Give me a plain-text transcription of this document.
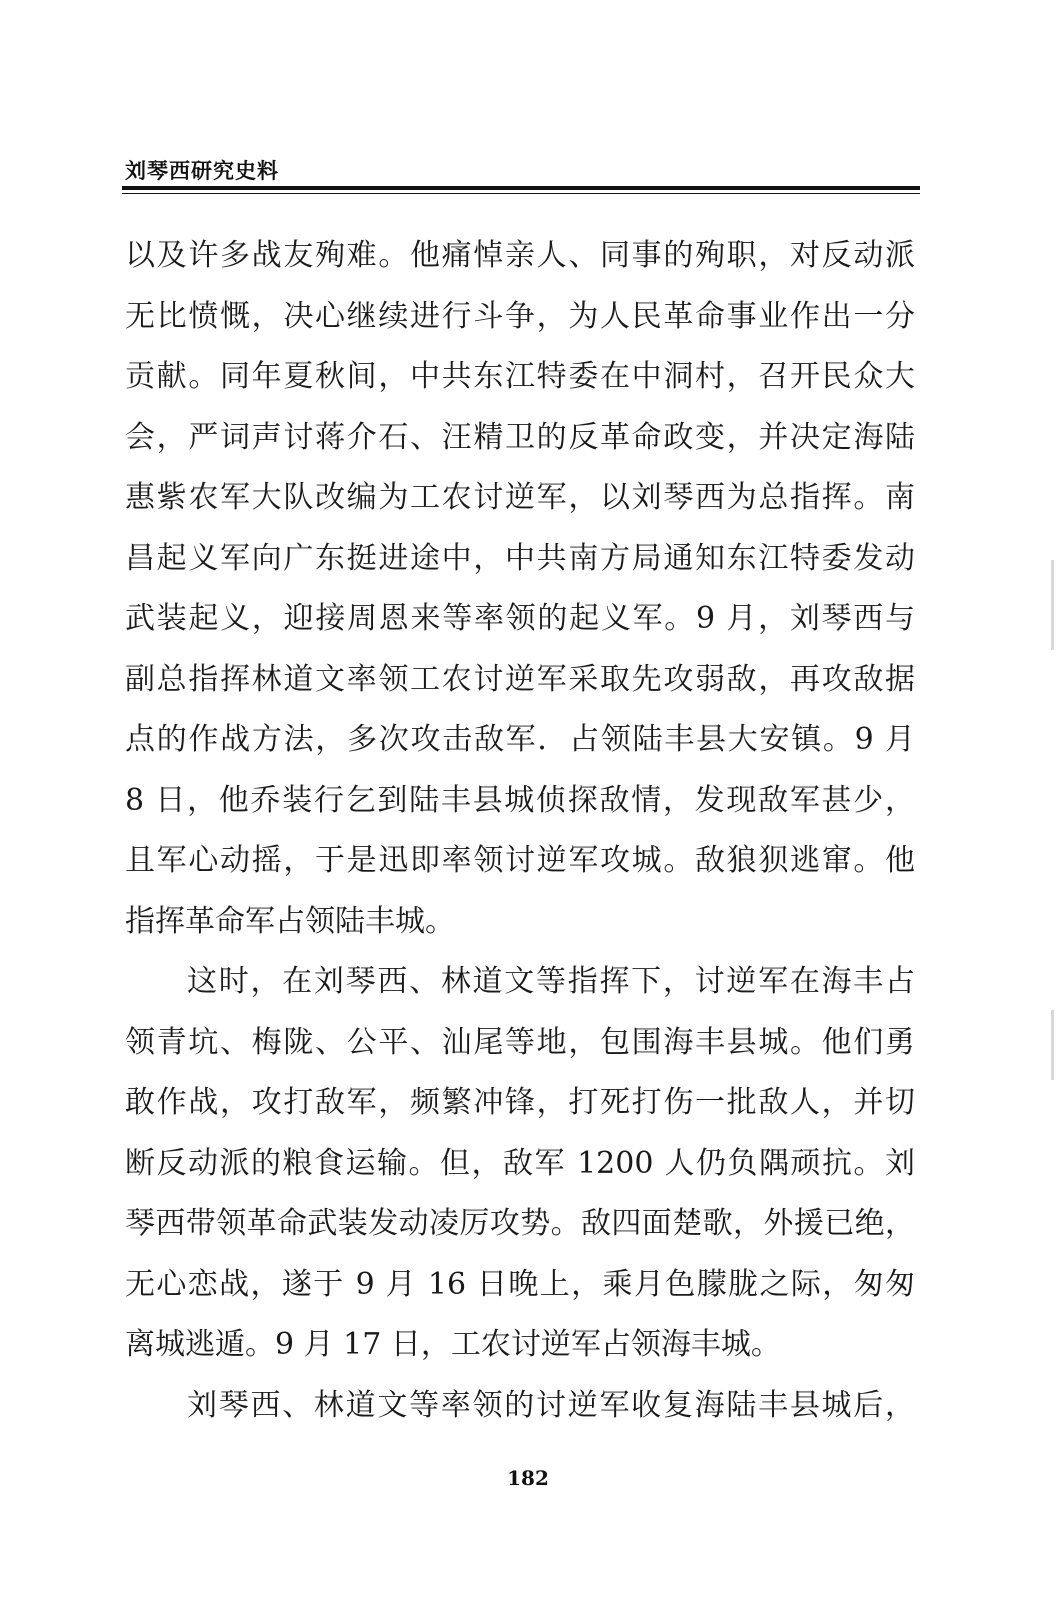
刘琴西研究史料
以及许多战友殉难。他痛悼亲人、同事的殉职，对反动派
无比愤慨，决心继续进行斗争，为人民革命事业作出一分
贡献。同年夏秋间，中共东江特委在中洞村，召开民众大
会，严词声讨蒋介石、汪精卫的反革命政变，并决定海陆
惠紫农军大队改编为工农讨逆军，以刘琴西为总指挥。南
昌起义军向广东挺进途中，中共南方局通知东江特委发动
武装起义，迎接周恩来等率领的起义军。9 月，刘琴西与
副总指挥林道文率领工农讨逆军采取先攻弱敌，再攻敌据
点的作战方法，多次攻击敌军．占领陆丰县大安镇。9 月
8 日，他乔装行乞到陆丰县城侦探敌情，发现敌军甚少，
且军心动摇，于是迅即率领讨逆军攻城。敌狼狈逃窜。他
指挥革命军占领陆丰城。
这时，在刘琴西、林道文等指挥下，讨逆军在海丰占
领青坑、梅陇、公平、汕尾等地，包围海丰县城。他们勇
敢作战，攻打敌军，频繁冲锋，打死打伤一批敌人，并切
断反动派的粮食运输。但，敌军 1200 人仍负隅顽抗。刘
琴西带领革命武装发动凌厉攻势。敌四面楚歌，外援已绝，
无心恋战，遂于 9 月 16 日晚上，乘月色朦胧之际，匆匆
离城逃遁。9 月 17 日，工农讨逆军占领海丰城。
刘琴西、林道文等率领的讨逆军收复海陆丰县城后，
182
